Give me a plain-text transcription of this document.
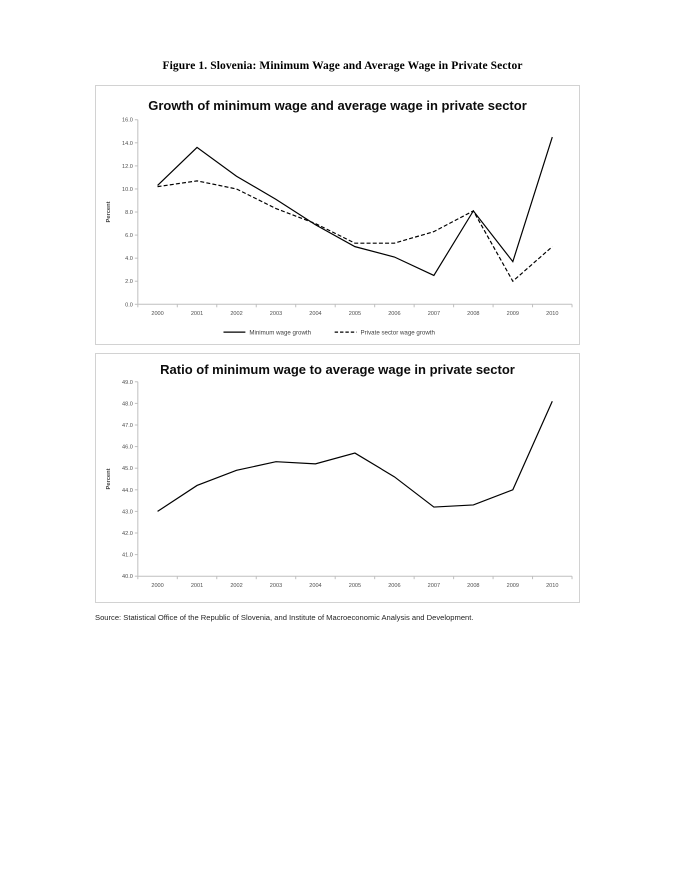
Figure 1. Slovenia: Minimum Wage and Average Wage in Private Sector
Growth of minimum wage and average wage in private sector
0.0
2.0
4.0
6.0
8.0
10.0
12.0
14.0
16.0
2000	2001	2002	2003	2004	2005	2006	2007	2008	2009	2010
Percent
Minimum wage growth	Private sector wage growth
Ratio of minimum wage to average wage in private sector
40.0
41.0
42.0
43.0
44.0
45.0
46.0
47.0
48.0
49.0
2000	2001	2002	2003	2004	2005	2006	2007	2008	2009	2010
Percent
Source: Statistical Office of the Republic of Slovenia, and Institute of Macroeconomic Analysis and Development.
